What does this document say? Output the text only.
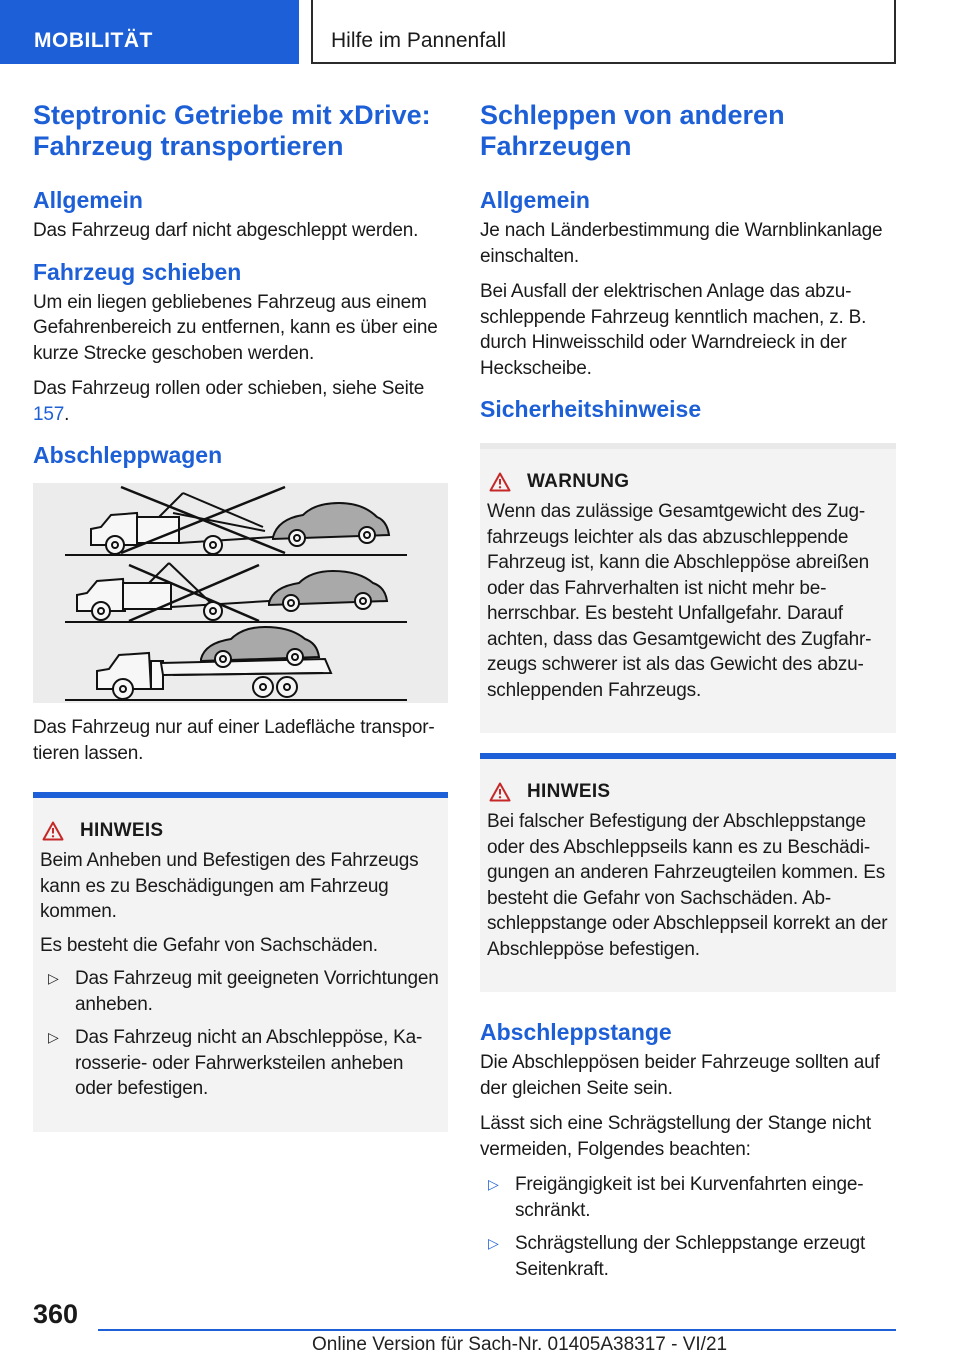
MOBILITÄT	Hilfe im Pannenfall
Steptronic Getriebe mit xDrive: Fahrzeug transportieren
Allgemein

Das Fahrzeug darf nicht abgeschleppt werden.

Fahrzeug schieben

Um ein liegen gebliebenes Fahrzeug aus einem Gefahrenbereich zu entfernen, kann es über eine kurze Strecke geschoben werden.

Das Fahrzeug rollen oder schieben, siehe Seite 157.

Abschleppwagen

Das Fahrzeug nur auf einer Ladefläche transportieren lassen.

HINWEIS

Beim Anheben und Befestigen des Fahrzeugs kann es zu Beschädigungen am Fahrzeug kommen.

Es besteht die Gefahr von Sachschäden.

▷ Das Fahrzeug mit geeigneten Vorrichtungen anheben.
▷ Das Fahrzeug nicht an Abschleppöse, Karosserie- oder Fahrwerksteilen anheben oder befestigen.
Schleppen von anderen Fahrzeugen
Allgemein

Je nach Länderbestimmung die Warnblinkanlage einschalten.

Bei Ausfall der elektrischen Anlage das abzuschleppende Fahrzeug kenntlich machen, z. B. durch Hinweisschild oder Warndreieck in der Heckscheibe.

Sicherheitshinweise
WARNUNG

Wenn das zulässige Gesamtgewicht des Zugfahrzeugs leichter als das abzuschleppende Fahrzeug ist, kann die Abschleppöse abreißen oder das Fahrverhalten ist nicht mehr beherrschbar. Es besteht Unfallgefahr. Darauf achten, dass das Gesamtgewicht des Zugfahrzeugs schwerer ist als das Gewicht des abzuschleppenden Fahrzeugs.

HINWEIS

Bei falscher Befestigung der Abschleppstange oder des Abschleppseils kann es zu Beschädigungen an anderen Fahrzeugteilen kommen. Es besteht die Gefahr von Sachschäden. Abschleppstange oder Abschleppseil korrekt an der Abschleppöse befestigen.

Abschleppstange

Die Abschleppösen beider Fahrzeuge sollten auf der gleichen Seite sein.

Lässt sich eine Schrägstellung der Stange nicht vermeiden, Folgendes beachten:

▷ Freigängigkeit ist bei Kurvenfahrten eingeschränkt.
▷ Schrägstellung der Schleppstange erzeugt Seitenkraft.
360
Online Version für Sach-Nr. 01405A38317 - VI/21
